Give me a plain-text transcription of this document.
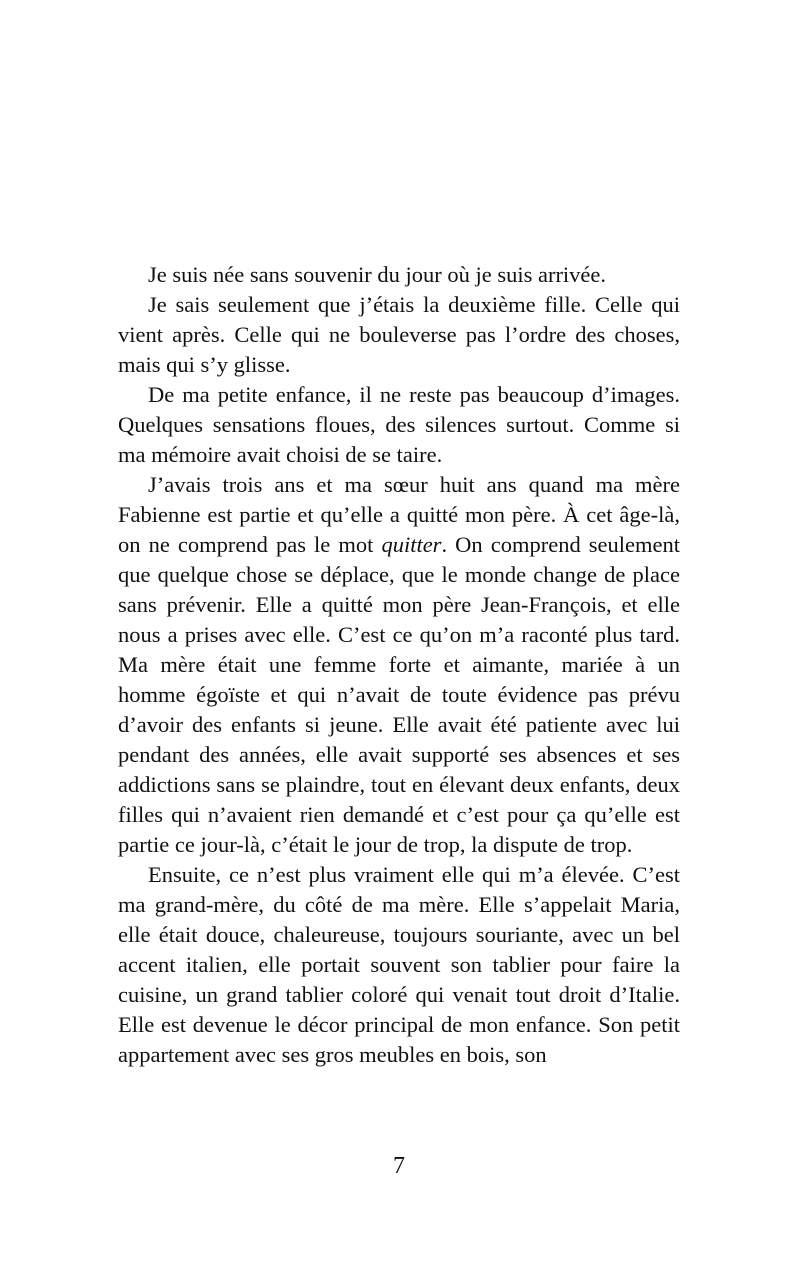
Je suis née sans souvenir du jour où je suis arrivée.

Je sais seulement que j’étais la deuxième fille. Celle qui vient après. Celle qui ne bouleverse pas l’ordre des choses, mais qui s’y glisse.

De ma petite enfance, il ne reste pas beaucoup d’images. Quelques sensations floues, des silences surtout. Comme si ma mémoire avait choisi de se taire.

J’avais trois ans et ma sœur huit ans quand ma mère Fabienne est partie et qu’elle a quitté mon père. À cet âge-là, on ne comprend pas le mot quitter. On comprend seulement que quelque chose se déplace, que le monde change de place sans prévenir. Elle a quitté mon père Jean-François, et elle nous a prises avec elle. C’est ce qu’on m’a raconté plus tard. Ma mère était une femme forte et aimante, mariée à un homme égoïste et qui n’avait de toute évidence pas prévu d’avoir des enfants si jeune. Elle avait été patiente avec lui pendant des années, elle avait supporté ses absences et ses addictions sans se plaindre, tout en élevant deux enfants, deux filles qui n’avaient rien demandé et c’est pour ça qu’elle est partie ce jour-là, c’était le jour de trop, la dispute de trop.

Ensuite, ce n’est plus vraiment elle qui m’a élevée. C’est ma grand-mère, du côté de ma mère. Elle s’appelait Maria, elle était douce, chaleureuse, toujours souriante, avec un bel accent italien, elle portait souvent son tablier pour faire la cuisine, un grand tablier coloré qui venait tout droit d’Italie. Elle est devenue le décor principal de mon enfance. Son petit appartement avec ses gros meubles en bois, son

7
